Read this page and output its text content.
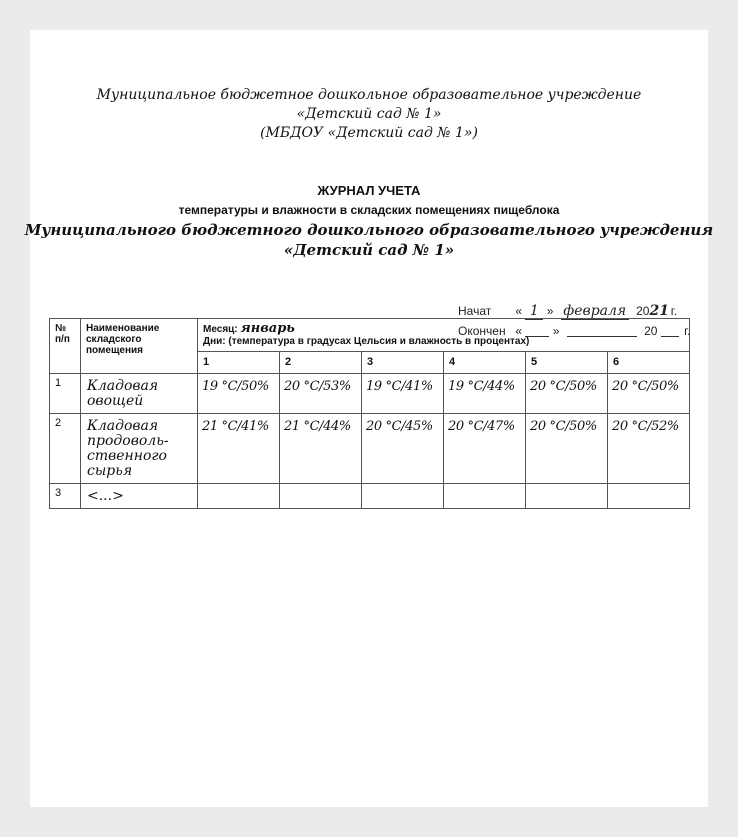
Муниципальное бюджетное дошкольное образовательное учреждение
«Детский сад № 1»
(МБДОУ «Детский сад № 1»)
ЖУРНАЛ УЧЕТА
температуры и влажности в складских помещениях пищеблока
Муниципального бюджетного дошкольного образовательного учреждения
«Детский сад № 1»
Начат « 1 » февраля 2021 г.
Окончен «	»	20 г.
№ п/п	Наименование складского помещения	Месяц: январь
Дни: (температура в градусах Цельсия и влажность в процентах)					

		1	2	3	4	5	6
1	Кладовая овощей	19 °C/50%	20 °C/53%	19 °C/41%	19 °C/44%	20 °C/50%	20 °C/50%
2	Кладовая продоволь-ственного сырья	21 °C/41%	21 °C/44%	20 °C/45%	20 °C/47%	20 °C/50%	20 °C/52%
3	<...>						
